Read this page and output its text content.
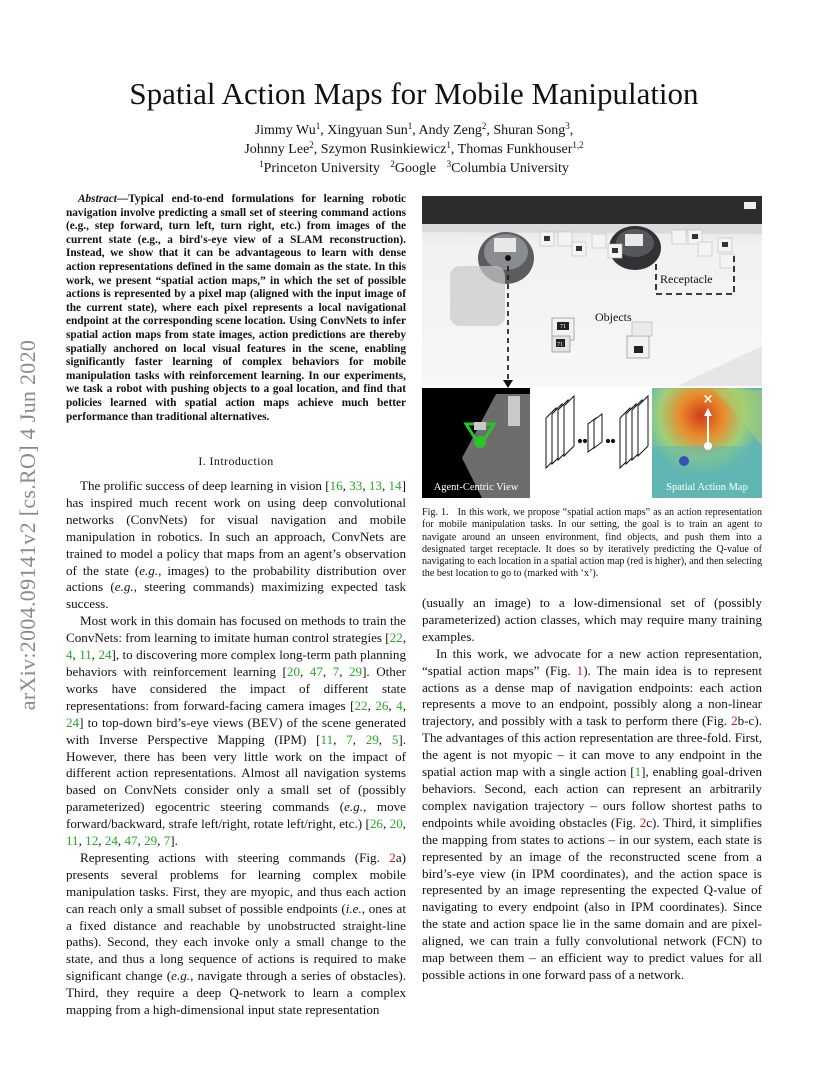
arXiv:2004.09141v2 [cs.RO] 4 Jun 2020
Spatial Action Maps for Mobile Manipulation
Jimmy Wu$^1$, Xingyuan Sun$^1$, Andy Zeng$^2$, Shuran Song$^3$,
Johnny Lee$^2$, Szymon Rusinkiewicz$^1$, Thomas Funkhouser$^{1,2}$
$^1$Princeton University $^2$Google $^3$Columbia University
Abstract—Typical end-to-end formulations for learning robotic navigation involve predicting a small set of steering command actions (e.g., step forward, turn left, turn right, etc.) from images of the current state (e.g., a bird's-eye view of a SLAM reconstruction). Instead, we show that it can be advantageous to learn with dense action representations defined in the same domain as the state. In this work, we present “spatial action maps,” in which the set of possible actions is represented by a pixel map (aligned with the input image of the current state), where each pixel represents a local navigational endpoint at the corresponding scene location. Using ConvNets to infer spatial action maps from state images, action predictions are thereby spatially anchored on local visual features in the scene, enabling significantly faster learning of complex behaviors for mobile manipulation tasks with reinforcement learning. In our experiments, we task a robot with pushing objects to a goal location, and find that policies learned with spatial action maps achieve much better performance than traditional alternatives.
I. Introduction

The prolific success of deep learning in vision [16, 33, 13, 14] has inspired much recent work on using deep convolutional networks (ConvNets) for visual navigation and mobile manipulation in robotics. In such an approach, ConvNets are trained to model a policy that maps from an agent’s observation of the state (e.g., images) to the probability distribution over actions (e.g., steering commands) maximizing expected task success.

Most work in this domain has focused on methods to train the ConvNets: from learning to imitate human control strategies [22, 4, 11, 24], to discovering more complex long-term path planning behaviors with reinforcement learning [20, 47, 7, 29]. Other works have considered the impact of different state representations: from forward-facing camera images [22, 26, 4, 24] to top-down bird’s-eye views (BEV) of the scene generated with Inverse Perspective Mapping (IPM) [11, 7, 29, 5]. However, there has been very little work on the impact of different action representations. Almost all navigation systems based on ConvNets consider only a small set of (possibly parameterized) egocentric steering commands (e.g., move forward/backward, strafe left/right, rotate left/right, etc.) [26, 20, 11, 12, 24, 47, 29, 7].

Representing actions with steering commands (Fig. 2a) presents several problems for learning complex mobile manipulation tasks. First, they are myopic, and thus each action can reach only a small subset of possible endpoints (i.e., ones at a fixed distance and reachable by unobstructed straight-line paths). Second, they each invoke only a small change to the state, and thus a long sequence of actions is required to make significant change (e.g., navigate through a series of obstacles). Third, they require a deep Q-network to learn a complex mapping from a high-dimensional input state representation

71
71
Receptacle
Objects
Agent-Centric View
×
Spatial Action Map
Fig. 1. In this work, we propose “spatial action maps” as an action representation for mobile manipulation tasks. In our setting, the goal is to train an agent to navigate around an unseen environment, find objects, and push them into a designated target receptacle. It does so by iteratively predicting the Q-value of navigating to each location in a spatial action map (red is higher), and then selecting the best location to go to (marked with ‘x’).

(usually an image) to a low-dimensional set of (possibly parameterized) action classes, which may require many training examples.

In this work, we advocate for a new action representation, “spatial action maps” (Fig. 1). The main idea is to represent actions as a dense map of navigation endpoints: each action represents a move to an endpoint, possibly along a non-linear trajectory, and possibly with a task to perform there (Fig. 2b-c). The advantages of this action representation are three-fold. First, the agent is not myopic – it can move to any endpoint in the spatial action map with a single action [1], enabling goal-driven behaviors. Second, each action can represent an arbitrarily complex navigation trajectory – ours follow shortest paths to endpoints while avoiding obstacles (Fig. 2c). Third, it simplifies the mapping from states to actions – in our system, each state is represented by an image of the reconstructed scene from a bird’s-eye view (in IPM coordinates), and the action space is represented by an image representing the expected Q-value of navigating to every endpoint (also in IPM coordinates). Since the state and action space lie in the same domain and are pixel-aligned, we can train a fully convolutional network (FCN) to map between them – an efficient way to predict values for all possible actions in one forward pass of a network.
